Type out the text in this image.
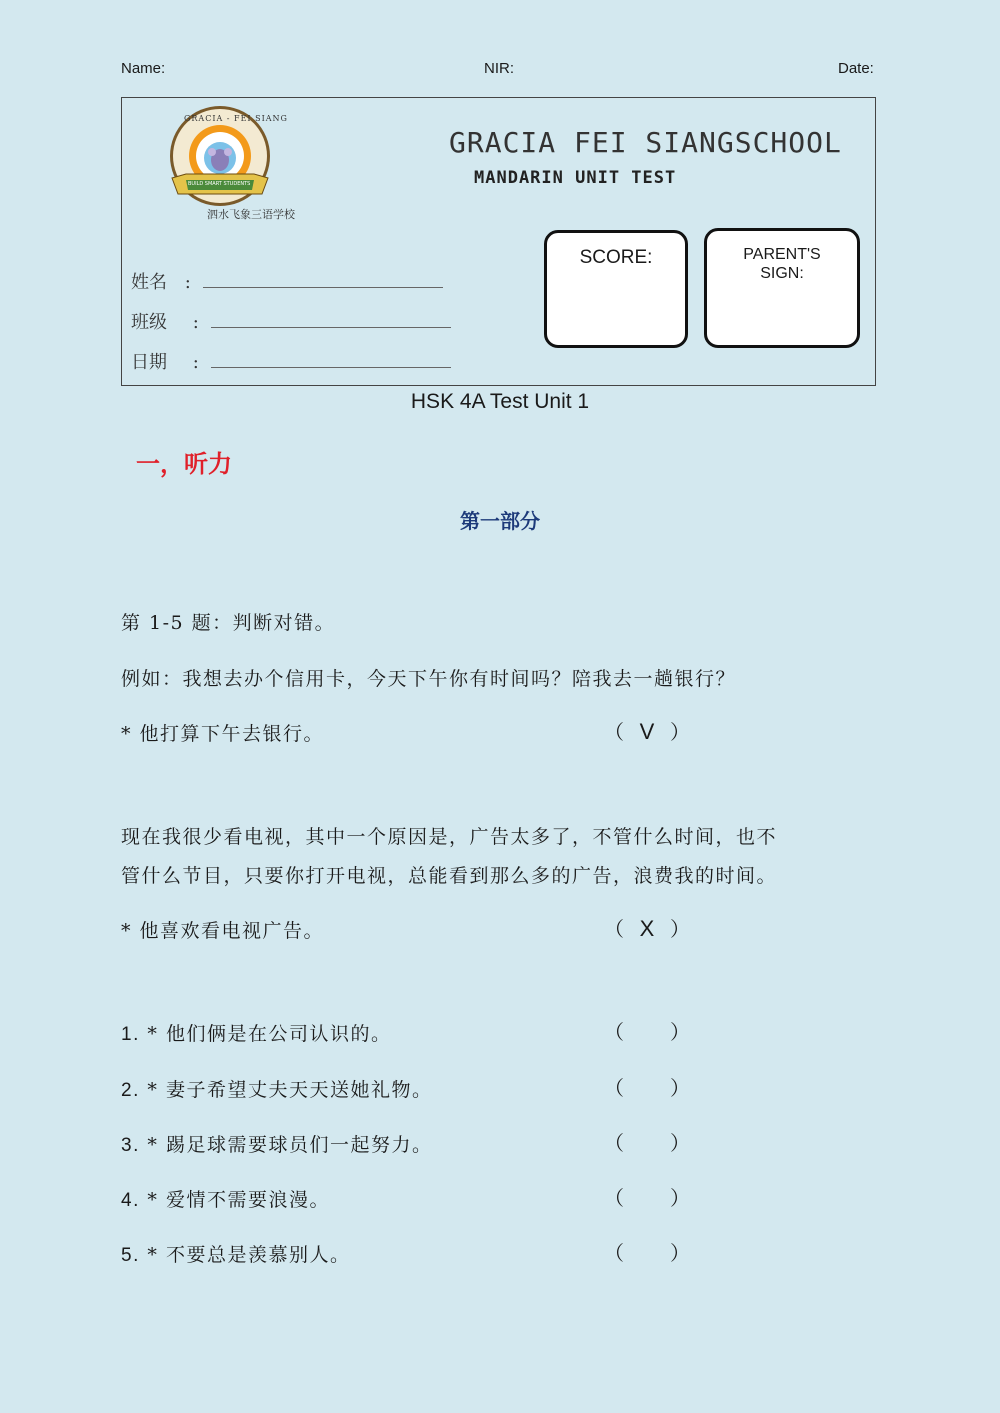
Name:	NIR:	Date:
BUILD SMART STUDENTS
GRACIA - FEI SIANG
泗水飞象三语学校
GRACIA FEI SIANGSCHOOL
MANDARIN UNIT TEST
姓名 :
班级 :
日期 :
SCORE:	PARENT'S
SIGN:
HSK 4A Test Unit 1
一，听力
第一部分
第 1-5 题：判断对错。
例如：我想去办个信用卡，今天下午你有时间吗？陪我去一趟银行？
* 他打算下午去银行。	（ V ）
现在我很少看电视，其中一个原因是，广告太多了，不管什么时间，也不
管什么节目，只要你打开电视，总能看到那么多的广告，浪费我的时间。
* 他喜欢看电视广告。	（ X ）
1. * 他们俩是在公司认识的。	（ ）
2. * 妻子希望丈夫天天送她礼物。	（ ）
3. * 踢足球需要球员们一起努力。	（ ）
4. * 爱情不需要浪漫。	（ ）
5. * 不要总是羡慕别人。	（ ）
